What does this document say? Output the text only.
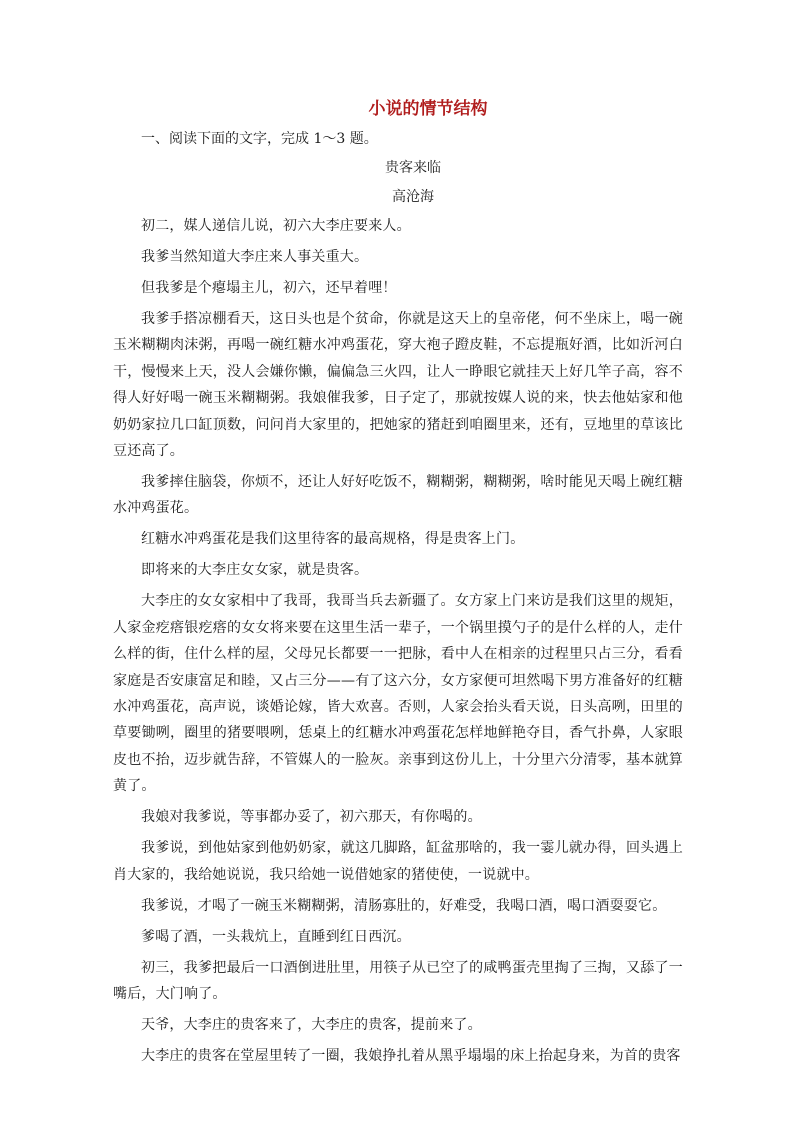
小说的情节结构

一、阅读下面的文字，完成 1～3 题。

贵客来临
高沧海

初二，媒人递信儿说，初六大李庄要来人。

我爹当然知道大李庄来人事关重大。

但我爹是个瘪塌主儿，初六，还早着哩！

我爹手搭凉棚看天，这日头也是个贫命，你就是这天上的皇帝佬，何不坐床上，喝一碗玉米糊糊肉沫粥，再喝一碗红糖水冲鸡蛋花，穿大袍子蹬皮鞋，不忘提瓶好酒，比如沂河白干，慢慢来上天，没人会嫌你懒，偏偏急三火四，让人一睁眼它就挂天上好几竿子高，容不得人好好喝一碗玉米糊糊粥。我娘催我爹，日子定了，那就按媒人说的来，快去他姑家和他奶奶家拉几口缸顶数，问问肖大家里的，把她家的猪赶到咱圈里来，还有，豆地里的草该比豆还高了。

我爹摔住脑袋，你烦不，还让人好好吃饭不，糊糊粥，糊糊粥，啥时能见天喝上碗红糖水冲鸡蛋花。

红糖水冲鸡蛋花是我们这里待客的最高规格，得是贵客上门。

即将来的大李庄女女家，就是贵客。

大李庄的女女家相中了我哥，我哥当兵去新疆了。女方家上门来访是我们这里的规矩，人家金疙瘩银疙瘩的女女将来要在这里生活一辈子，一个锅里摸勺子的是什么样的人，走什么样的街，住什么样的屋，父母兄长都要一一把脉，看中人在相亲的过程里只占三分，看看家庭是否安康富足和睦，又占三分——有了这六分，女方家便可坦然喝下男方准备好的红糖水冲鸡蛋花，高声说，谈婚论嫁，皆大欢喜。否则，人家会抬头看天说，日头高咧，田里的草要锄咧，圈里的猪要喂咧，恁桌上的红糖水冲鸡蛋花怎样地鲜艳夺目，香气扑鼻，人家眼皮也不抬，迈步就告辞，不管媒人的一脸灰。亲事到这份儿上，十分里六分清零，基本就算黄了。

我娘对我爹说，等事都办妥了，初六那天，有你喝的。

我爹说，到他姑家到他奶奶家，就这几脚路，缸盆那啥的，我一霎儿就办得，回头遇上肖大家的，我给她说说，我只给她一说借她家的猪使使，一说就中。

我爹说，才喝了一碗玉米糊糊粥，清肠寡肚的，好难受，我喝口酒，喝口酒耍耍它。

爹喝了酒，一头栽炕上，直睡到红日西沉。

初三，我爹把最后一口酒倒进肚里，用筷子从已空了的咸鸭蛋壳里掏了三掏，又舔了一嘴后，大门响了。

天爷，大李庄的贵客来了，大李庄的贵客，提前来了。

大李庄的贵客在堂屋里转了一圈，我娘挣扎着从黑乎塌塌的床上抬起身来，为首的贵客
